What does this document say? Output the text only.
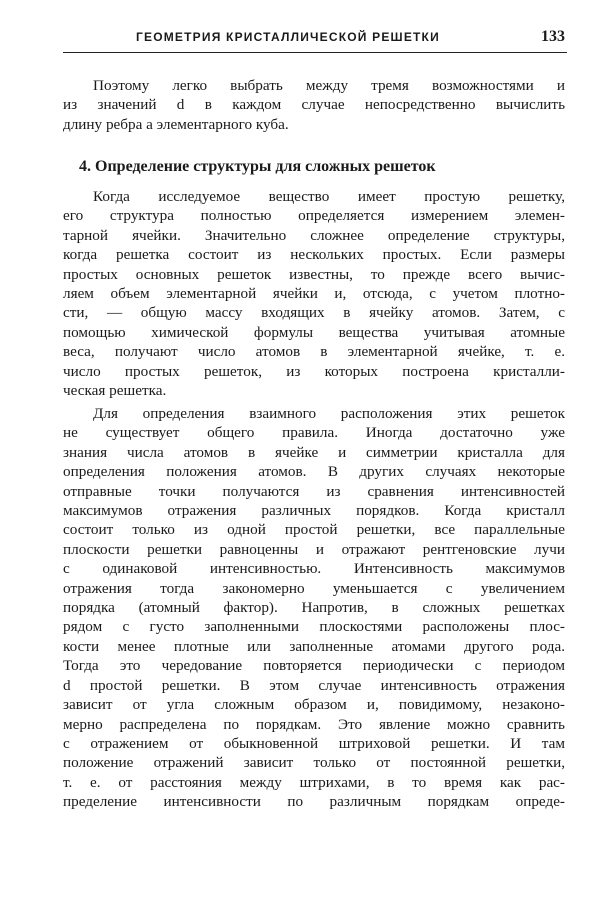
ГЕОМЕТРИЯ КРИСТАЛЛИЧЕСКОЙ РЕШЕТКИ	133
Поэтому легко выбрать между тремя возможностями и
из значений d в каждом случае непосредственно вычислить
длину ребра a элементарного куба.
4. Определение структуры для сложных решеток
Когда исследуемое вещество имеет простую решетку,
его структура полностью определяется измерением элемен-
тарной ячейки. Значительно сложнее определение структуры,
когда решетка состоит из нескольких простых. Если размеры
простых основных решеток известны, то прежде всего вычис-
ляем объем элементарной ячейки и, отсюда, с учетом плотно-
сти, — общую массу входящих в ячейку атомов. Затем, с
помощью химической формулы вещества учитывая атомные
веса, получают число атомов в элементарной ячейке, т. е.
число простых решеток, из которых построена кристалли-
ческая решетка.
Для определения взаимного расположения этих решеток
не существует общего правила. Иногда достаточно уже
знания числа атомов в ячейке и симметрии кристалла для
определения положения атомов. В других случаях некоторые
отправные точки получаются из сравнения интенсивностей
максимумов отражения различных порядков. Когда кристалл
состоит только из одной простой решетки, все параллельные
плоскости решетки равноценны и отражают рентгеновские лучи
с одинаковой интенсивностью. Интенсивность максимумов
отражения тогда закономерно уменьшается с увеличением
порядка (атомный фактор). Напротив, в сложных решетках
рядом с густо заполненными плоскостями расположены плос-
кости менее плотные или заполненные атомами другого рода.
Тогда это чередование повторяется периодически с периодом
d простой решетки. В этом случае интенсивность отражения
зависит от угла сложным образом и, повидимому, незаконо-
мерно распределена по порядкам. Это явление можно сравнить
с отражением от обыкновенной штриховой решетки. И там
положение отражений зависит только от постоянной решетки,
т. е. от расстояния между штрихами, в то время как рас-
пределение интенсивности по различным порядкам опреде-
